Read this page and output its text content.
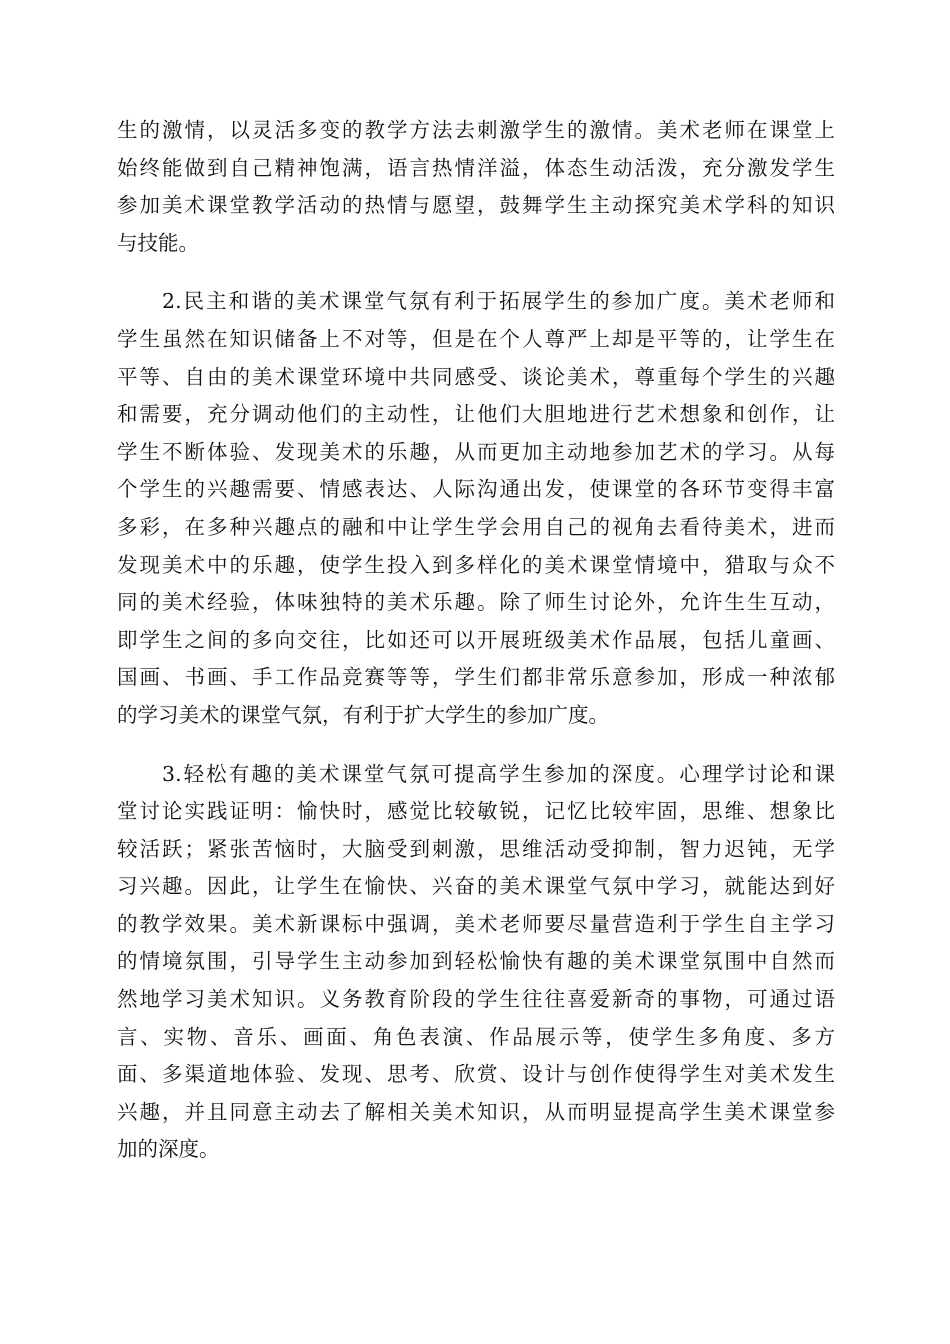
生的激情，以灵活多变的教学方法去刺激学生的激情。美术老师在课堂上
始终能做到自己精神饱满，语言热情洋溢，体态生动活泼，充分激发学生
参加美术课堂教学活动的热情与愿望，鼓舞学生主动探究美术学科的知识
与技能。
　　2.民主和谐的美术课堂气氛有利于拓展学生的参加广度。美术老师和
学生虽然在知识储备上不对等，但是在个人尊严上却是平等的，让学生在
平等、自由的美术课堂环境中共同感受、谈论美术，尊重每个学生的兴趣
和需要，充分调动他们的主动性，让他们大胆地进行艺术想象和创作，让
学生不断体验、发现美术的乐趣，从而更加主动地参加艺术的学习。从每
个学生的兴趣需要、情感表达、人际沟通出发，使课堂的各环节变得丰富
多彩，在多种兴趣点的融和中让学生学会用自己的视角去看待美术，进而
发现美术中的乐趣，使学生投入到多样化的美术课堂情境中，猎取与众不
同的美术经验，体味独特的美术乐趣。除了师生讨论外，允许生生互动，
即学生之间的多向交往，比如还可以开展班级美术作品展，包括儿童画、
国画、书画、手工作品竞赛等等，学生们都非常乐意参加，形成一种浓郁
的学习美术的课堂气氛，有利于扩大学生的参加广度。
　　3.轻松有趣的美术课堂气氛可提高学生参加的深度。心理学讨论和课
堂讨论实践证明：愉快时，感觉比较敏锐，记忆比较牢固，思维、想象比
较活跃；紧张苦恼时，大脑受到刺激，思维活动受抑制，智力迟钝，无学
习兴趣。因此，让学生在愉快、兴奋的美术课堂气氛中学习，就能达到好
的教学效果。美术新课标中强调，美术老师要尽量营造利于学生自主学习
的情境氛围，引导学生主动参加到轻松愉快有趣的美术课堂氛围中自然而
然地学习美术知识。义务教育阶段的学生往往喜爱新奇的事物，可通过语
言、实物、音乐、画面、角色表演、作品展示等，使学生多角度、多方
面、多渠道地体验、发现、思考、欣赏、设计与创作使得学生对美术发生
兴趣，并且同意主动去了解相关美术知识，从而明显提高学生美术课堂参
加的深度。
